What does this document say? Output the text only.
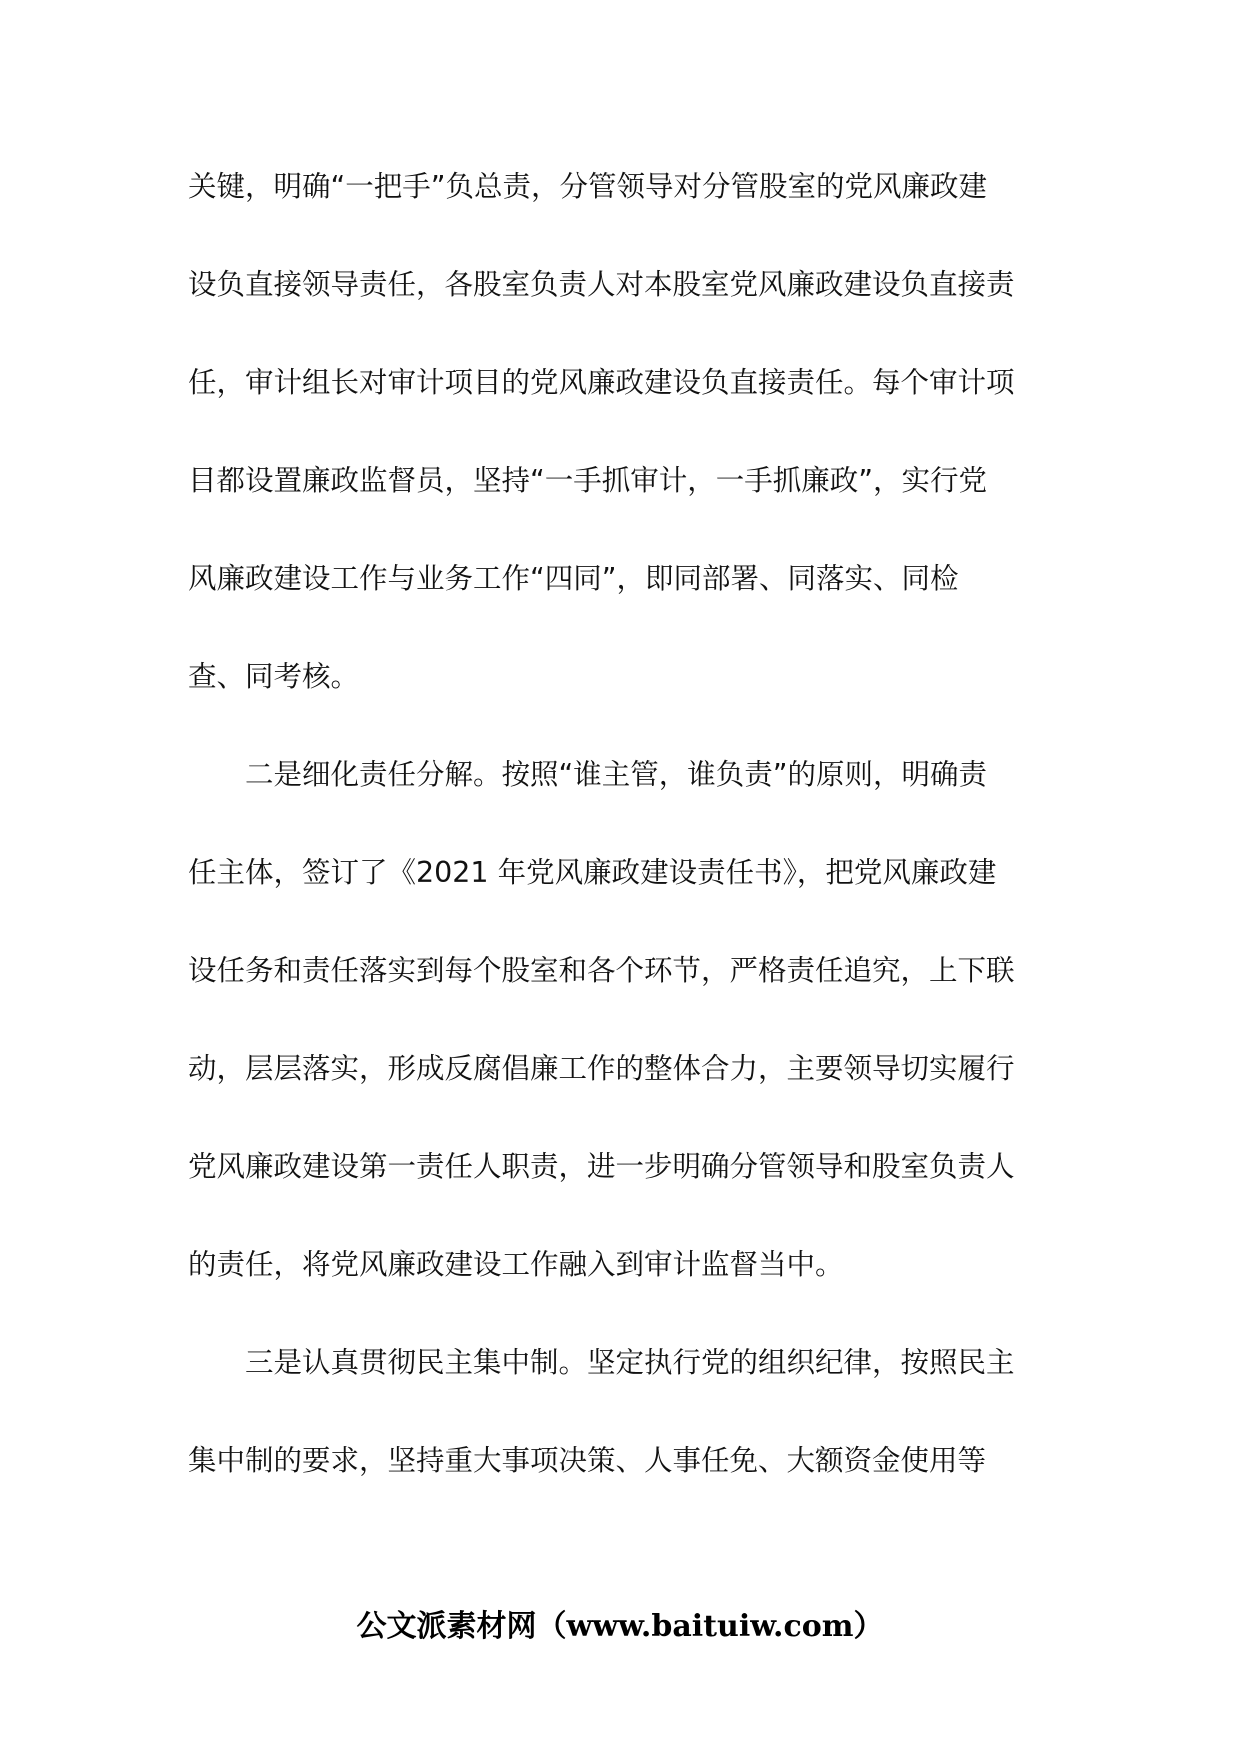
关键，明确“一把手”负总责，分管领导对分管股室的党风廉政建
设负直接领导责任，各股室负责人对本股室党风廉政建设负直接责
任，审计组长对审计项目的党风廉政建设负直接责任。每个审计项
目都设置廉政监督员，坚持“一手抓审计，一手抓廉政”，实行党
风廉政建设工作与业务工作“四同”，即同部署、同落实、同检
查、同考核。
　　二是细化责任分解。按照“谁主管，谁负责”的原则，明确责
任主体，签订了《2021 年党风廉政建设责任书》，把党风廉政建
设任务和责任落实到每个股室和各个环节，严格责任追究，上下联
动，层层落实，形成反腐倡廉工作的整体合力，主要领导切实履行
党风廉政建设第一责任人职责，进一步明确分管领导和股室负责人
的责任，将党风廉政建设工作融入到审计监督当中。
　　三是认真贯彻民主集中制。坚定执行党的组织纪律，按照民主
集中制的要求，坚持重大事项决策、人事任免、大额资金使用等
公文派素材网（www.baituiw.com）
